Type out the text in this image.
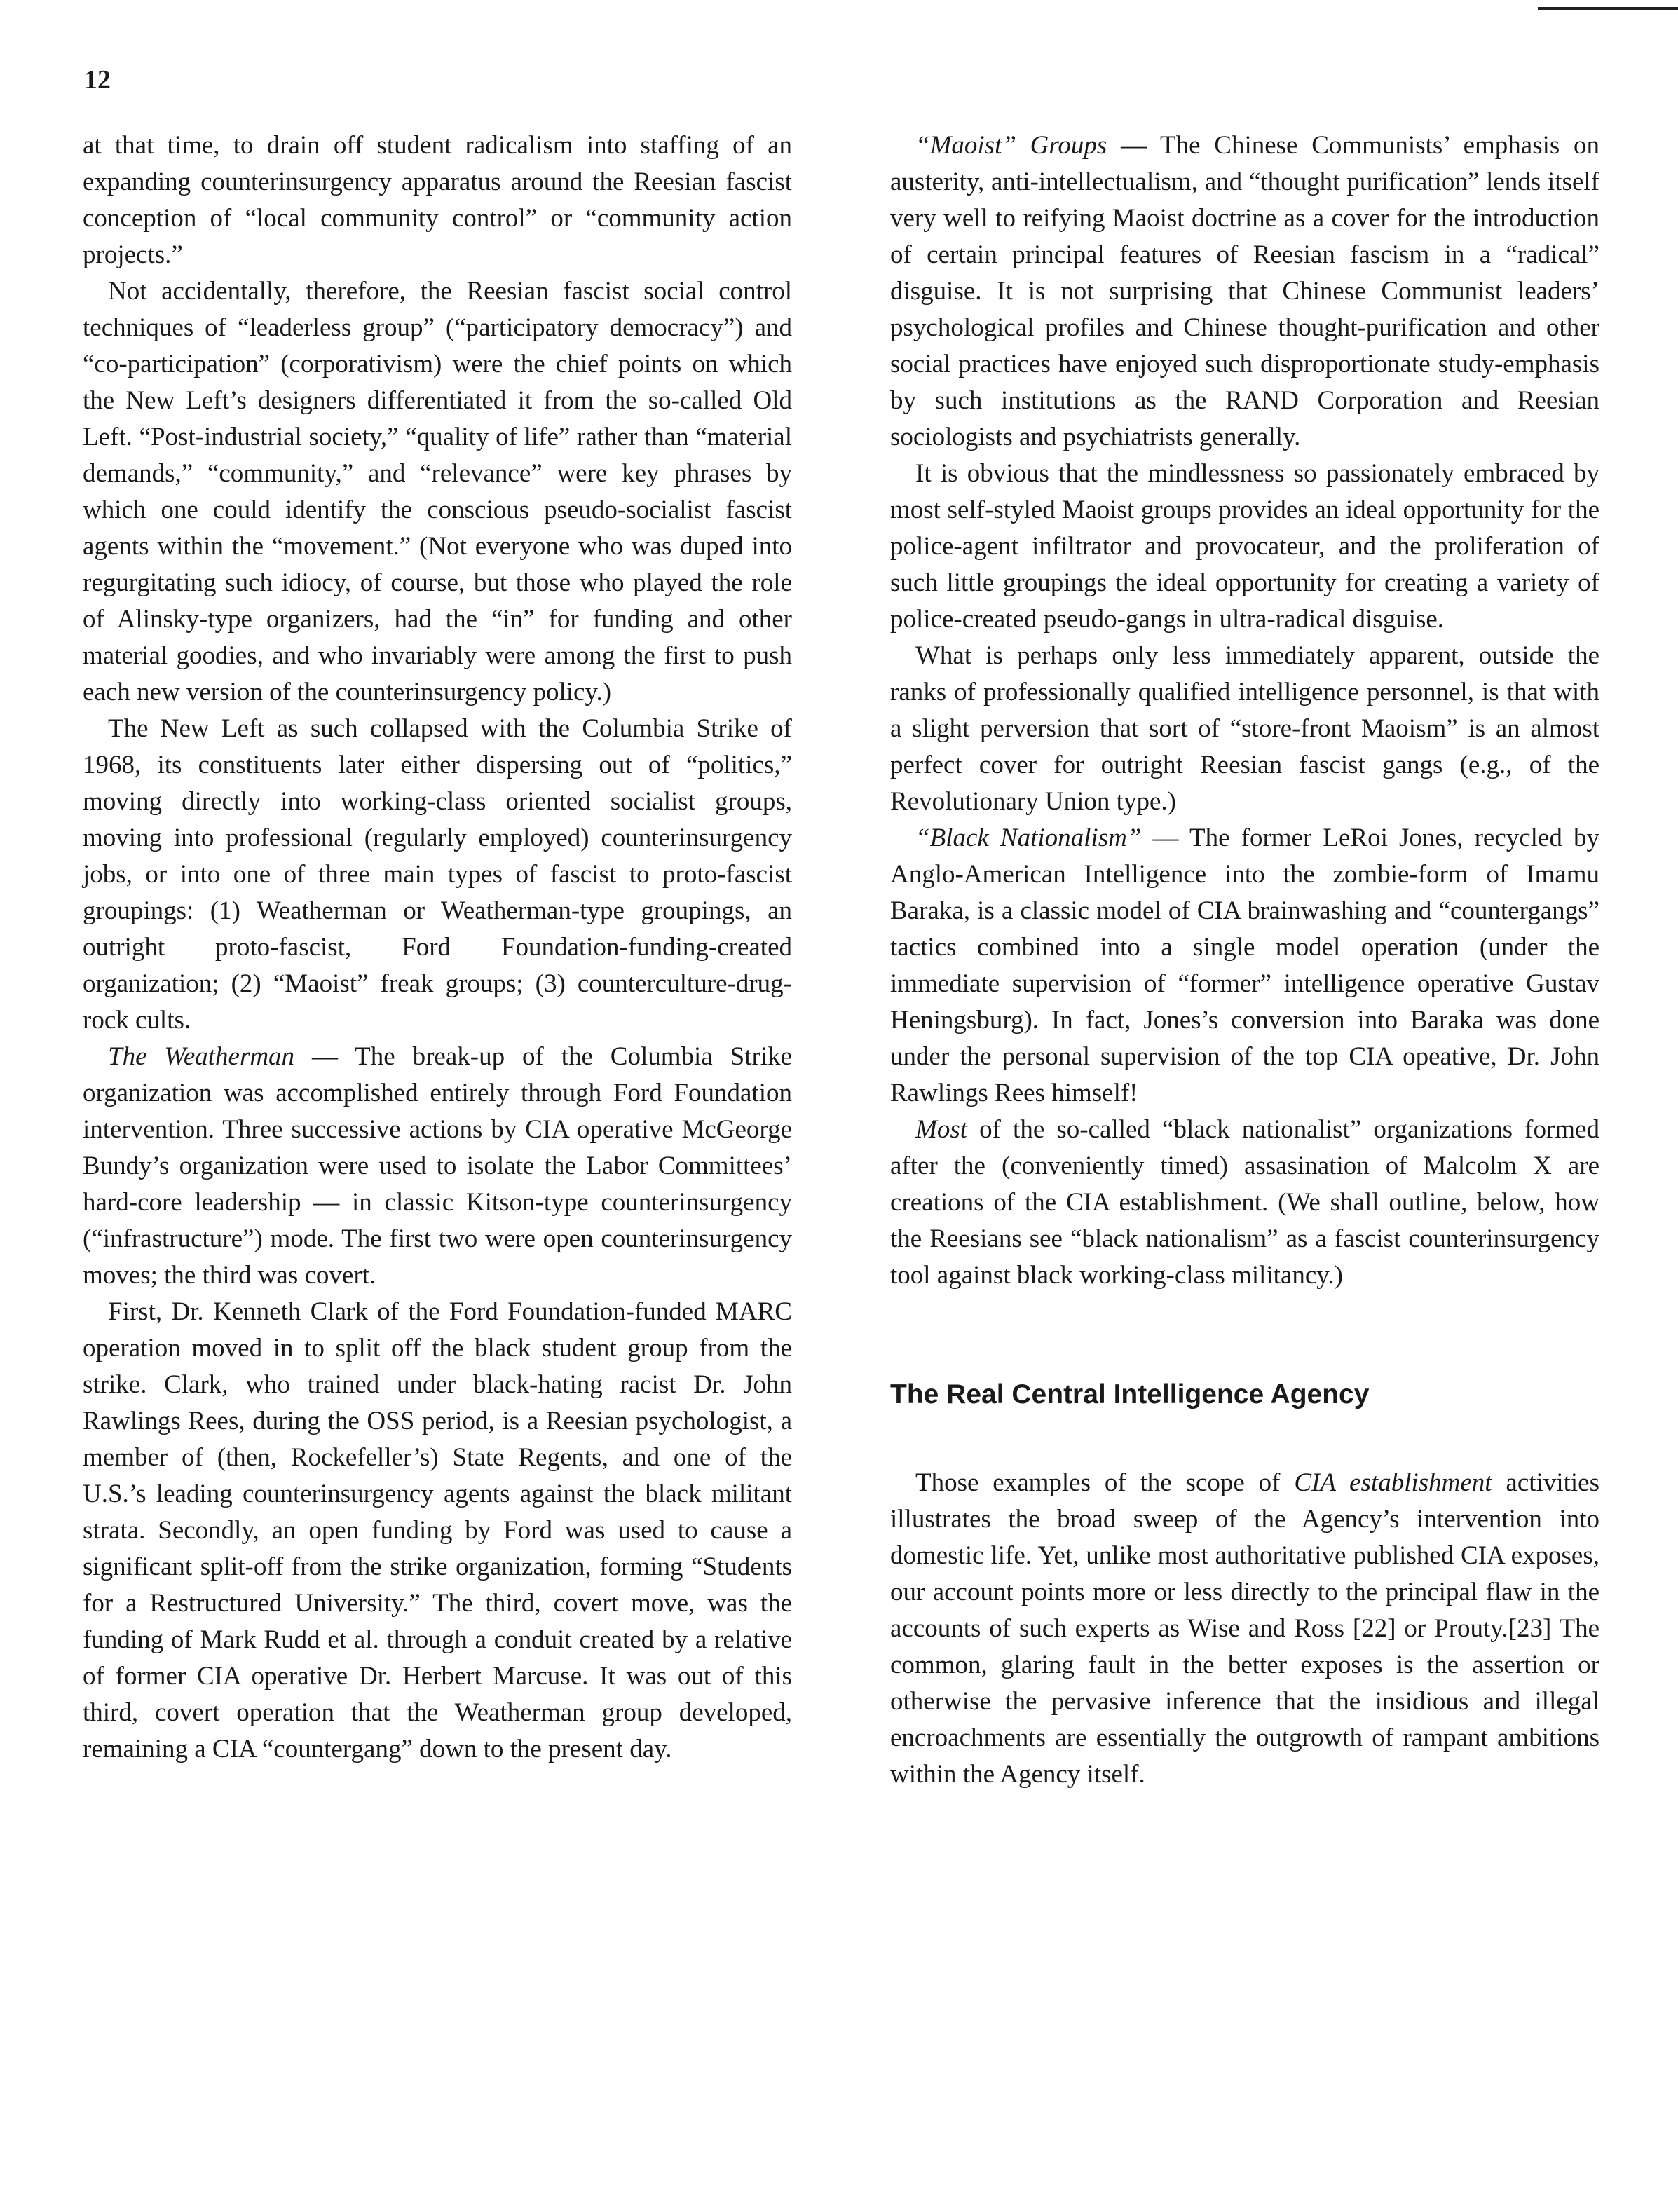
12

at that time, to drain off student radicalism into staffing of an expanding counterinsurgency apparatus around the Reesian fascist conception of “local community control” or “community action projects.”

Not accidentally, therefore, the Reesian fascist social control techniques of “leaderless group” (“participatory democracy”) and “co-participation” (corporativism) were the chief points on which the New Left’s designers differentiated it from the so-called Old Left. “Post-industrial society,” “quality of life” rather than “material demands,” “community,” and “relevance” were key phrases by which one could identify the conscious pseudo-socialist fascist agents within the “movement.” (Not everyone who was duped into regurgitating such idiocy, of course, but those who played the role of Alinsky-type organizers, had the “in” for funding and other material goodies, and who invariably were among the first to push each new version of the counterinsurgency policy.)

The New Left as such collapsed with the Columbia Strike of 1968, its constituents later either dispersing out of “politics,” moving directly into working-class oriented socialist groups, moving into professional (regularly employed) counterinsurgency jobs, or into one of three main types of fascist to proto-fascist groupings: (1) Weatherman or Weatherman-type groupings, an outright proto-fascist, Ford Foundation-funding-created organization; (2) “Maoist” freak groups; (3) counterculture-drug-rock cults.

The Weatherman — The break-up of the Columbia Strike organization was accomplished entirely through Ford Foundation intervention. Three successive actions by CIA operative McGeorge Bundy’s organization were used to isolate the Labor Committees’ hard-core leadership — in classic Kitson-type counterinsurgency (“infrastructure”) mode. The first two were open counterinsurgency moves; the third was covert.

First, Dr. Kenneth Clark of the Ford Foundation-funded MARC operation moved in to split off the black student group from the strike. Clark, who trained under black-hating racist Dr. John Rawlings Rees, during the OSS period, is a Reesian psychologist, a member of (then, Rockefeller’s) State Regents, and one of the U.S.’s leading counterinsurgency agents against the black militant strata. Secondly, an open funding by Ford was used to cause a significant split-off from the strike organization, forming “Students for a Restructured University.” The third, covert move, was the funding of Mark Rudd et al. through a conduit created by a relative of former CIA operative Dr. Herbert Marcuse. It was out of this third, covert operation that the Weatherman group developed, remaining a CIA “countergang” down to the present day.

“Maoist” Groups — The Chinese Communists’ emphasis on austerity, anti-intellectualism, and “thought purification” lends itself very well to reifying Maoist doctrine as a cover for the introduction of certain principal features of Reesian fascism in a “radical” disguise. It is not surprising that Chinese Communist leaders’ psychological profiles and Chinese thought-purification and other social practices have enjoyed such disproportionate study-emphasis by such institutions as the RAND Corporation and Reesian sociologists and psychiatrists generally.

It is obvious that the mindlessness so passionately embraced by most self-styled Maoist groups provides an ideal opportunity for the police-agent infiltrator and provocateur, and the proliferation of such little groupings the ideal opportunity for creating a variety of police-created pseudo-gangs in ultra-radical disguise.

What is perhaps only less immediately apparent, outside the ranks of professionally qualified intelligence personnel, is that with a slight perversion that sort of “store-front Maoism” is an almost perfect cover for outright Reesian fascist gangs (e.g., of the Revolutionary Union type.)

“Black Nationalism” — The former LeRoi Jones, recycled by Anglo-American Intelligence into the zombie-form of Imamu Baraka, is a classic model of CIA brainwashing and “countergangs” tactics combined into a single model operation (under the immediate supervision of “former” intelligence operative Gustav Heningsburg). In fact, Jones’s conversion into Baraka was done under the personal supervision of the top CIA opeative, Dr. John Rawlings Rees himself!

Most of the so-called “black nationalist” organizations formed after the (conveniently timed) assasination of Malcolm X are creations of the CIA establishment. (We shall outline, below, how the Reesians see “black nationalism” as a fascist counterinsurgency tool against black working-class militancy.)

The Real Central Intelligence Agency

Those examples of the scope of CIA establishment activities illustrates the broad sweep of the Agency’s intervention into domestic life. Yet, unlike most authoritative published CIA exposes, our account points more or less directly to the principal flaw in the accounts of such experts as Wise and Ross [22] or Prouty.[23] The common, glaring fault in the better exposes is the assertion or otherwise the pervasive inference that the insidious and illegal encroachments are essentially the outgrowth of rampant ambitions within the Agency itself.
